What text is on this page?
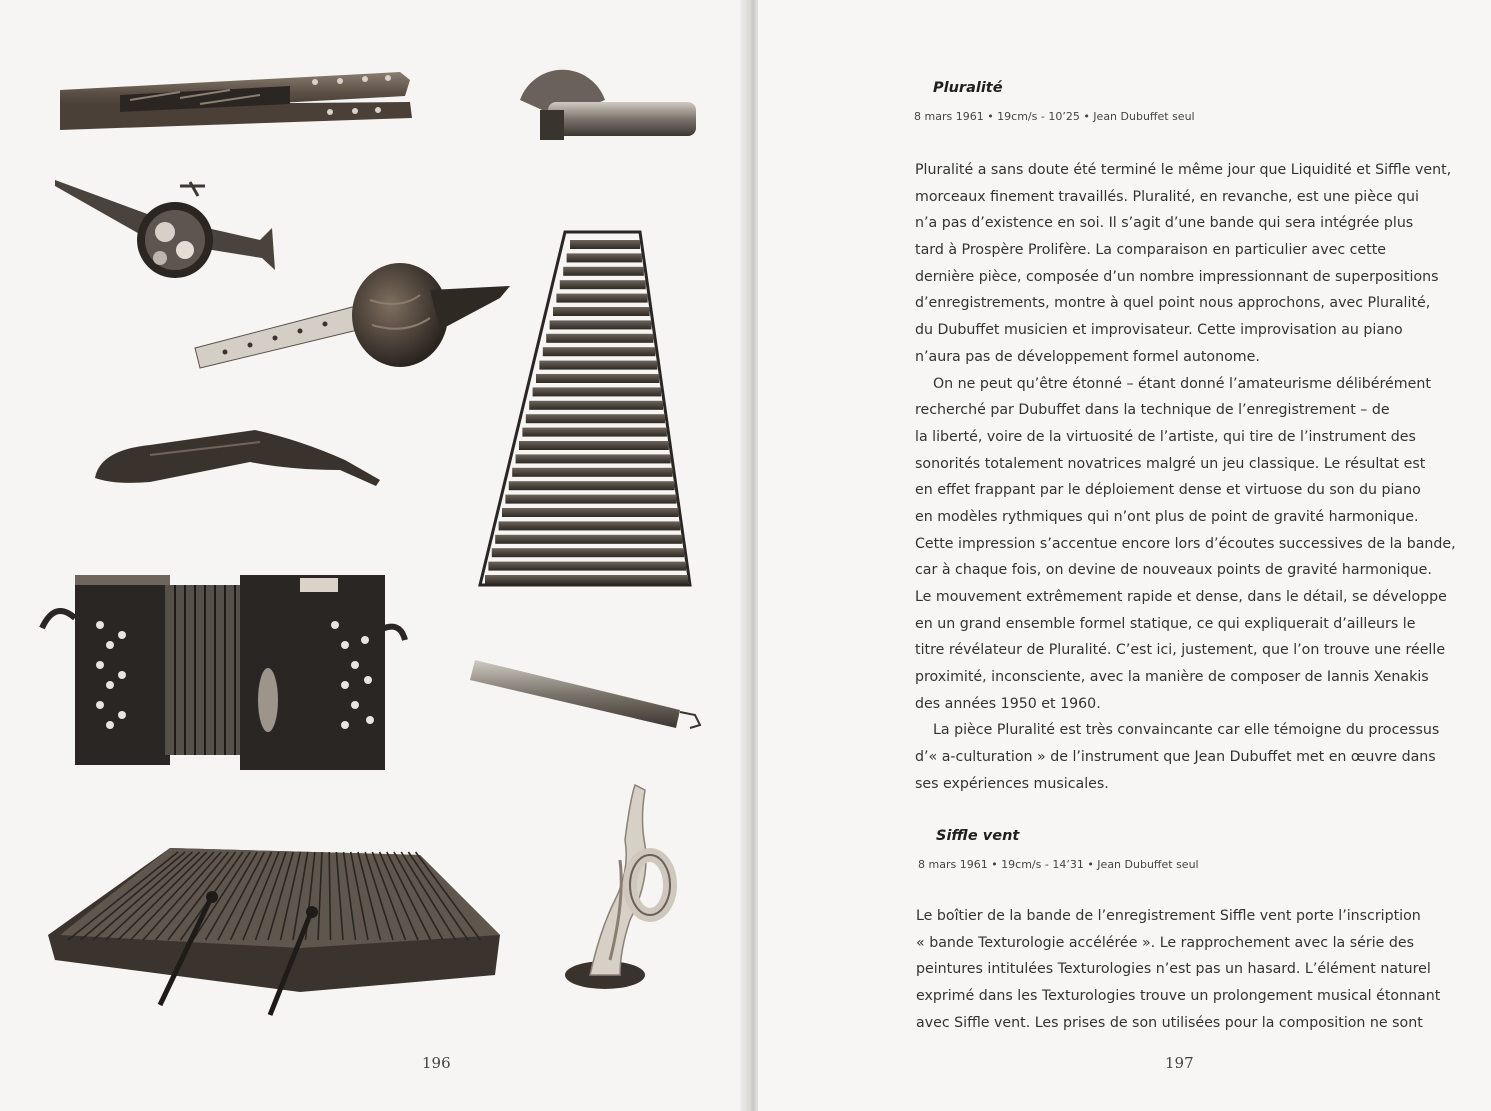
196
Pluralité
8 mars 1961 • 19cm/s - 10’25 • Jean Dubuffet seul
Pluralité a sans doute été terminé le même jour que Liquidité et Siffle vent,
morceaux finement travaillés. Pluralité, en revanche, est une pièce qui
n’a pas d’existence en soi. Il s’agit d’une bande qui sera intégrée plus
tard à Prospère Prolifère. La comparaison en particulier avec cette
dernière pièce, composée d’un nombre impressionnant de superpositions
d’enregistrements, montre à quel point nous approchons, avec Pluralité,
du Dubuffet musicien et improvisateur. Cette improvisation au piano
n’aura pas de développement formel autonome.
On ne peut qu’être étonné – étant donné l’amateurisme délibérément
recherché par Dubuffet dans la technique de l’enregistrement – de
la liberté, voire de la virtuosité de l’artiste, qui tire de l’instrument des
sonorités totalement novatrices malgré un jeu classique. Le résultat est
en effet frappant par le déploiement dense et virtuose du son du piano
en modèles rythmiques qui n’ont plus de point de gravité harmonique.
Cette impression s’accentue encore lors d’écoutes successives de la bande,
car à chaque fois, on devine de nouveaux points de gravité harmonique.
Le mouvement extrêmement rapide et dense, dans le détail, se développe
en un grand ensemble formel statique, ce qui expliquerait d’ailleurs le
titre révélateur de Pluralité. C’est ici, justement, que l’on trouve une réelle
proximité, inconsciente, avec la manière de composer de Iannis Xenakis
des années 1950 et 1960.
La pièce Pluralité est très convaincante car elle témoigne du processus
d’« a-culturation » de l’instrument que Jean Dubuffet met en œuvre dans
ses expériences musicales.
Siffle vent
8 mars 1961 • 19cm/s - 14’31 • Jean Dubuffet seul
Le boîtier de la bande de l’enregistrement Siffle vent porte l’inscription
« bande Texturologie accélérée ». Le rapprochement avec la série des
peintures intitulées Texturologies n’est pas un hasard. L’élément naturel
exprimé dans les Texturologies trouve un prolongement musical étonnant
avec Siffle vent. Les prises de son utilisées pour la composition ne sont
197
